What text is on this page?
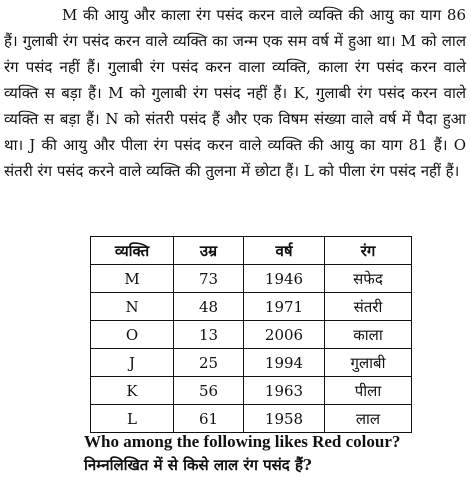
M की आयु और काला रंग पसंद करन वाले व्यक्ति की आयु का याग 86 हैं। गुलाबी रंग पसंद करन वाले व्यक्ति का जन्म एक सम वर्ष में हुआ था। M को लाल रंग पसंद नहीं हैं। गुलाबी रंग पसंद करन वाला व्यक्ति, काला रंग पसंद करन वाले व्यक्ति स बड़ा हैं। M को गुलाबी रंग पसंद नहीं हैं। K, गुलाबी रंग पसंद करन वाले व्यक्ति स बड़ा हैं। N को संतरी पसंद हैं और एक विषम संख्या वाले वर्ष में पैदा हुआ था। J की आयु और पीला रंग पसंद करन वाले व्यक्ति की आयु का याग 81 हैं। O संतरी रंग पसंद करने वाले व्यक्ति की तुलना में छोटा हैं। L को पीला रंग पसंद नहीं हैं।

व्यक्ति	उम्र	वर्ष	रंग
M	73	1946	सफेद
N	48	1971	संतरी
O	13	2006	काला
J	25	1994	गुलाबी
K	56	1963	पीला
L	61	1958	लाल
Who among the following likes Red colour?
निम्नलिखित में से किसे लाल रंग पसंद हैं?
